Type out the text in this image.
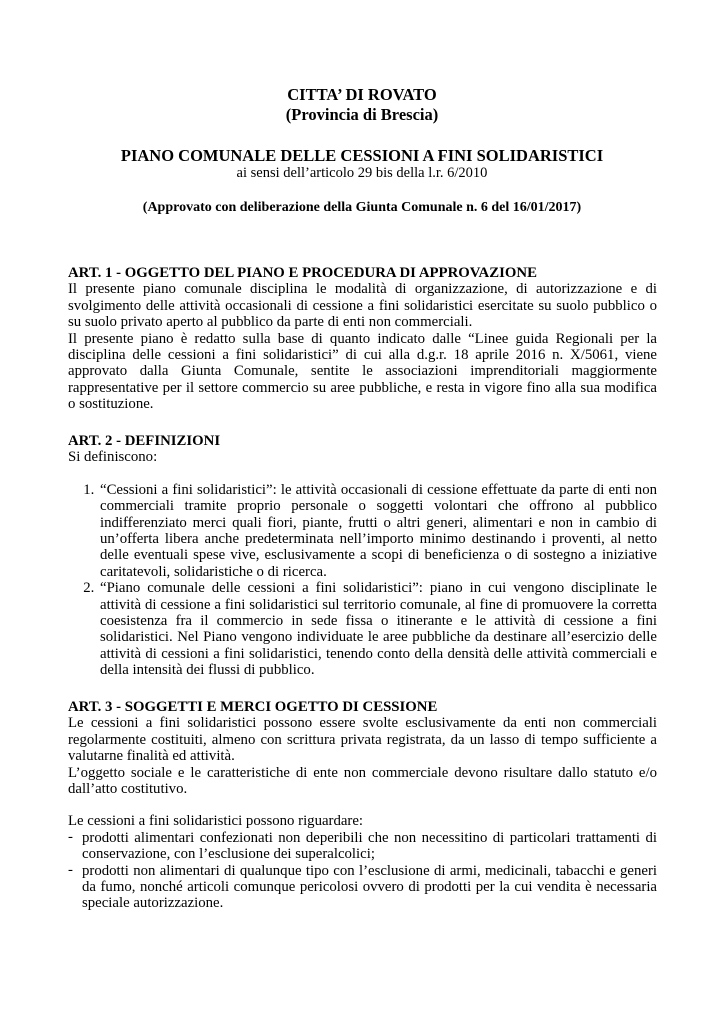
CITTA’ DI ROVATO

(Provincia di Brescia)

PIANO COMUNALE DELLE CESSIONI A FINI SOLIDARISTICI

ai sensi dell’articolo 29 bis della l.r. 6/2010

(Approvato con deliberazione della Giunta Comunale n. 6 del 16/01/2017)

ART. 1 - OGGETTO DEL PIANO E PROCEDURA DI APPROVAZIONE

Il presente piano comunale disciplina le modalità di organizzazione, di autorizzazione e di svolgimento delle attività occasionali di cessione a fini solidaristici esercitate su suolo pubblico o su suolo privato aperto al pubblico da parte di enti non commerciali.

Il presente piano è redatto sulla base di quanto indicato dalle “Linee guida Regionali per la disciplina delle cessioni a fini solidaristici” di cui alla d.g.r. 18 aprile 2016 n. X/5061, viene approvato dalla Giunta Comunale, sentite le associazioni imprenditoriali maggiormente rappresentative per il settore commercio su aree pubbliche, e resta in vigore fino alla sua modifica o sostituzione.

ART. 2 - DEFINIZIONI

Si definiscono:

1. “Cessioni a fini solidaristici”: le attività occasionali di cessione effettuate da parte di enti non commerciali tramite proprio personale o soggetti volontari che offrono al pubblico indifferenziato merci quali fiori, piante, frutti o altri generi, alimentari e non in cambio di un’offerta libera anche predeterminata nell’importo minimo destinando i proventi, al netto delle eventuali spese vive, esclusivamente a scopi di beneficienza o di sostegno a iniziative caritatevoli, solidaristiche o di ricerca.
2. “Piano comunale delle cessioni a fini solidaristici”: piano in cui vengono disciplinate le attività di cessione a fini solidaristici sul territorio comunale, al fine di promuovere la corretta coesistenza fra il commercio in sede fissa o itinerante e le attività di cessione a fini solidaristici. Nel Piano vengono individuate le aree pubbliche da destinare all’esercizio delle attività di cessioni a fini solidaristici, tenendo conto della densità delle attività commerciali e della intensità dei flussi di pubblico.

ART. 3 - SOGGETTI E MERCI OGETTO DI CESSIONE

Le cessioni a fini solidaristici possono essere svolte esclusivamente da enti non commerciali regolarmente costituiti, almeno con scrittura privata registrata, da un lasso di tempo sufficiente a valutarne finalità ed attività.

L’oggetto sociale e le caratteristiche di ente non commerciale devono risultare dallo statuto e/o dall’atto costitutivo.

Le cessioni a fini solidaristici possono riguardare:

- prodotti alimentari confezionati non deperibili che non necessitino di particolari trattamenti di conservazione, con l’esclusione dei superalcolici;
- prodotti non alimentari di qualunque tipo con l’esclusione di armi, medicinali, tabacchi e generi da fumo, nonché articoli comunque pericolosi ovvero di prodotti per la cui vendita è necessaria speciale autorizzazione.
